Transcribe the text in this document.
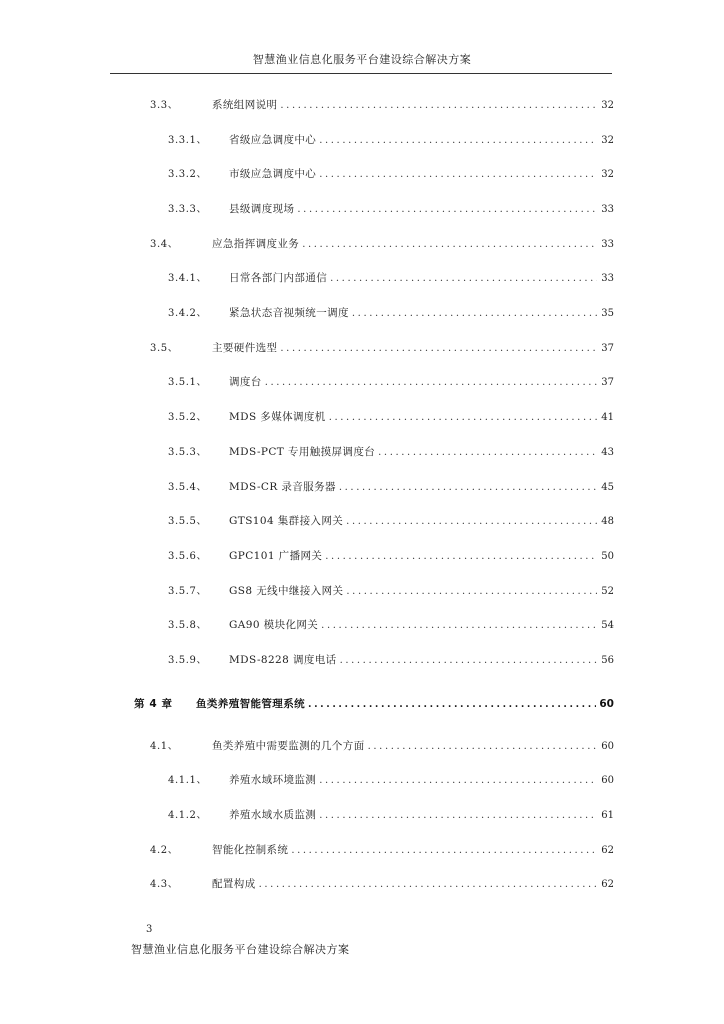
智慧渔业信息化服务平台建设综合解决方案
3.3、	系统组网说明 .....	32
3.3.1、	省级应急调度中心 .....	32
3.3.2、	市级应急调度中心 .....	32
3.3.3、	县级调度现场 .....	33
3.4、	应急指挥调度业务 .....	33
3.4.1、	日常各部门内部通信 .....	33
3.4.2、	紧急状态音视频统一调度 .....	35
3.5、	主要硬件选型 .....	37
3.5.1、	调度台 .....	37
3.5.2、	MDS 多媒体调度机 .....	41
3.5.3、	MDS-PCT 专用触摸屏调度台 .....	43
3.5.4、	MDS-CR 录音服务器 .....	45
3.5.5、	GTS104 集群接入网关 .....	48
3.5.6、	GPC101 广播网关 .....	50
3.5.7、	GS8 无线中继接入网关 .....	52
3.5.8、	GA90 模块化网关 .....	54
3.5.9、	MDS-8228 调度电话 .....	56
第 4 章	鱼类养殖智能管理系统 .....	60
4.1、	鱼类养殖中需要监测的几个方面 .....	60
4.1.1、	养殖水域环境监测 .....	60
4.1.2、	养殖水域水质监测 .....	61
4.2、	智能化控制系统 .....	62
4.3、	配置构成 .....	62
3
智慧渔业信息化服务平台建设综合解决方案
